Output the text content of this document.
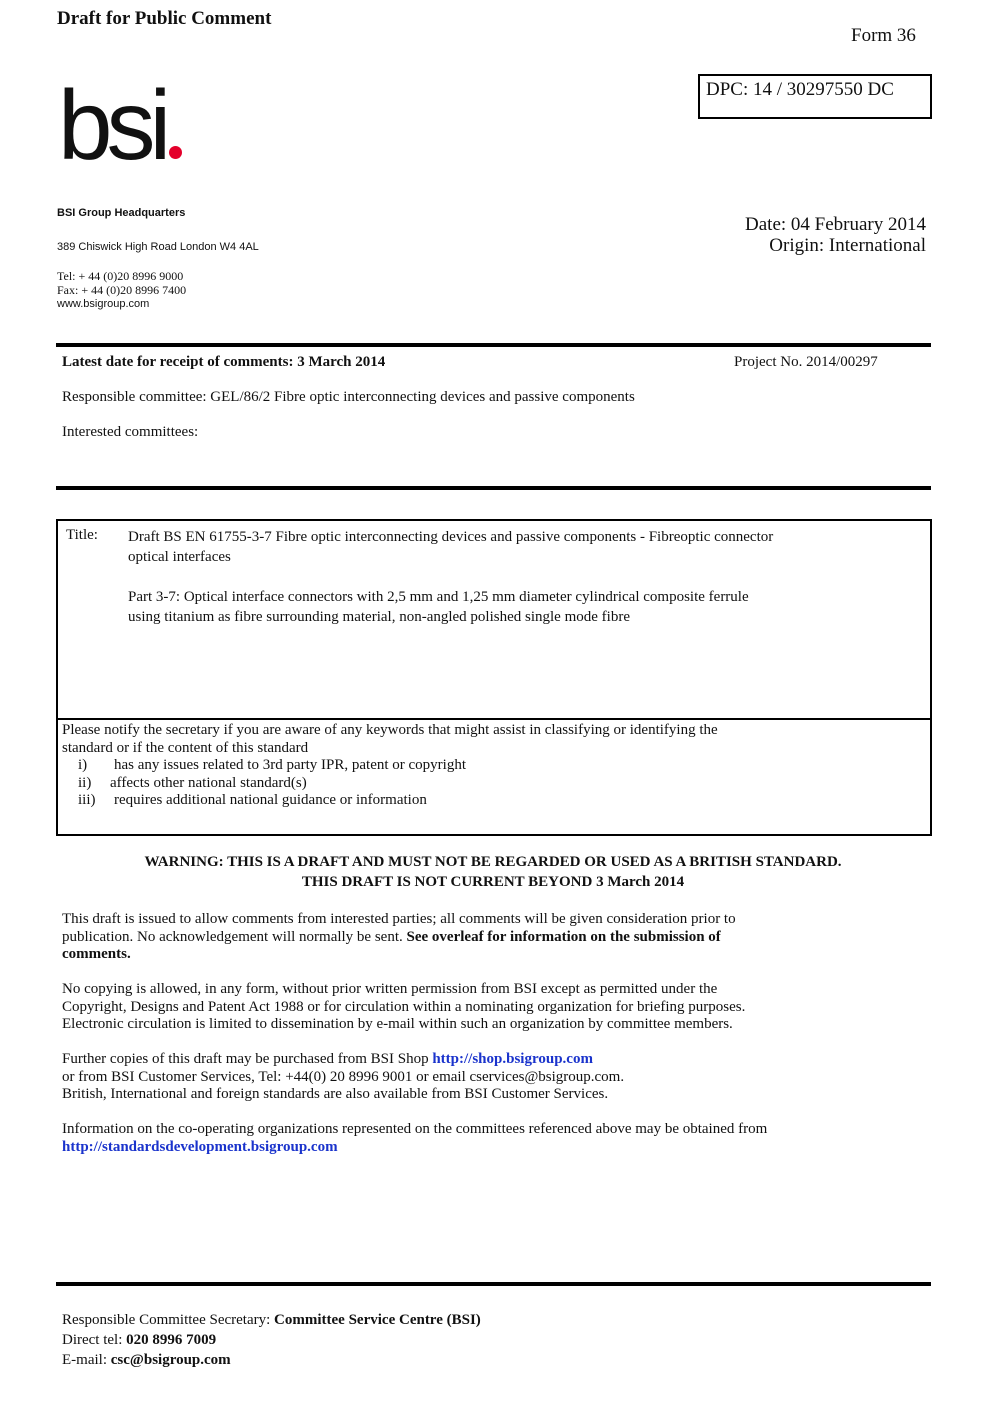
Draft for Public Comment
Form 36
DPC: 14 / 30297550 DC
bsi
BSI Group Headquarters
389 Chiswick High Road London W4 4AL
Tel: + 44 (0)20 8996 9000
Fax: + 44 (0)20 8996 7400
www.bsigroup.com
Date: 04 February 2014
Origin: International
Latest date for receipt of comments: 3 March 2014	Project No. 2014/00297
Responsible committee: GEL/86/2 Fibre optic interconnecting devices and passive components
Interested committees:
Title: Draft BS EN 61755-3-7 Fibre optic interconnecting devices and passive components - Fibreoptic connector
optical interfaces
Part 3-7: Optical interface connectors with 2,5 mm and 1,25 mm diameter cylindrical composite ferrule
using titanium as fibre surrounding material, non-angled polished single mode fibre
Please notify the secretary if you are aware of any keywords that might assist in classifying or identifying the
standard or if the content of this standard
i) has any issues related to 3rd party IPR, patent or copyright
ii) affects other national standard(s)
iii) requires additional national guidance or information
WARNING: THIS IS A DRAFT AND MUST NOT BE REGARDED OR USED AS A BRITISH STANDARD.
THIS DRAFT IS NOT CURRENT BEYOND 3 March 2014
This draft is issued to allow comments from interested parties; all comments will be given consideration prior to
publication. No acknowledgement will normally be sent. See overleaf for information on the submission of
comments.
No copying is allowed, in any form, without prior written permission from BSI except as permitted under the
Copyright, Designs and Patent Act 1988 or for circulation within a nominating organization for briefing purposes.
Electronic circulation is limited to dissemination by e-mail within such an organization by committee members.
Further copies of this draft may be purchased from BSI Shop http://shop.bsigroup.com
or from BSI Customer Services, Tel: +44(0) 20 8996 9001 or email cservices@bsigroup.com.
British, International and foreign standards are also available from BSI Customer Services.
Information on the co-operating organizations represented on the committees referenced above may be obtained from
http://standardsdevelopment.bsigroup.com
Responsible Committee Secretary: Committee Service Centre (BSI)
Direct tel: 020 8996 7009
E-mail: csc@bsigroup.com
